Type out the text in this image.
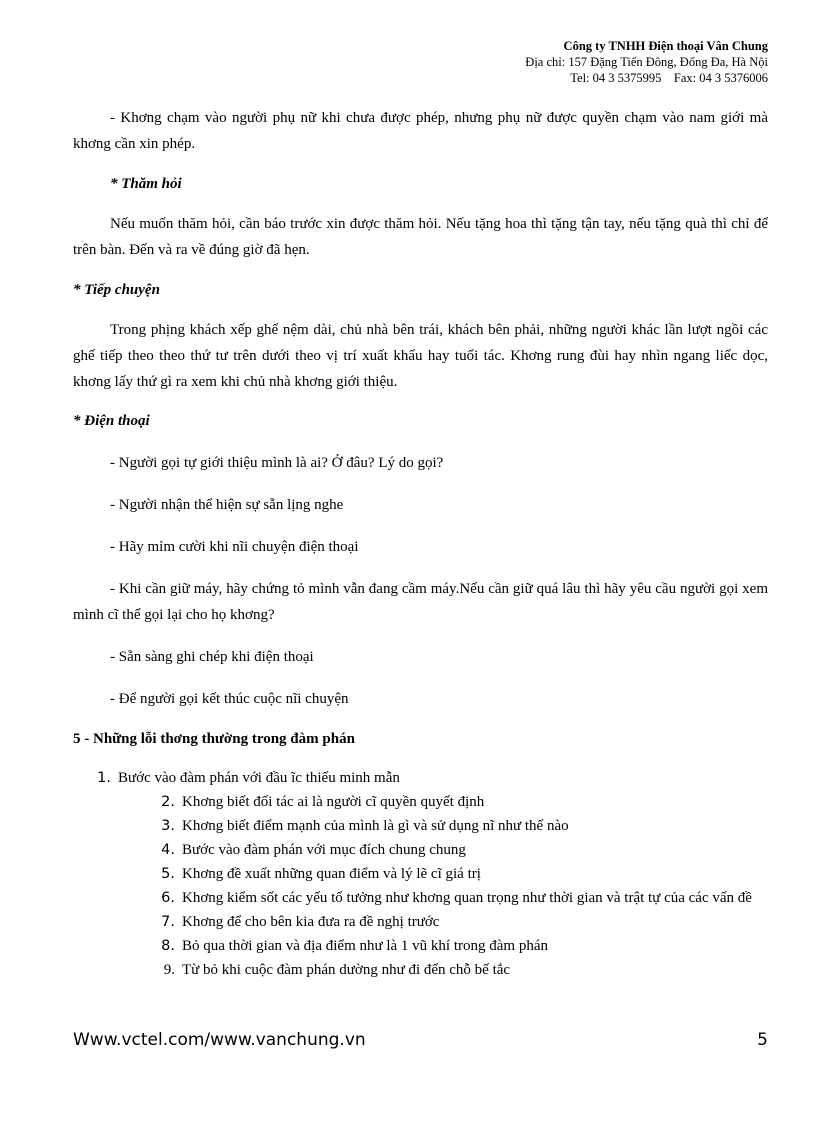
Công ty TNHH Điện thoại Vân Chung
Địa chỉ: 157 Đặng Tiến Đông, Đống Đa, Hà Nội
Tel: 04 3 5375995    Fax: 04 3 5376006

- Khơng chạm vào người phụ nữ khi chưa được phép, nhưng phụ nữ được quyền chạm vào nam giới mà khơng cần xin phép.

* Thăm hỏi

Nếu muốn thăm hỏi, cần báo trước xin được thăm hỏi. Nếu tặng hoa thì tặng tận tay, nếu tặng quà thì chỉ để trên bàn. Đến và ra về đúng giờ đã hẹn.

* Tiếp chuyện

Trong phịng khách xếp ghế nệm dài, chủ nhà bên trái, khách bên phải, những người khác lần lượt ngồi các ghế tiếp theo theo thứ tư trên dưới theo vị trí xuất khẩu hay tuổi tác. Khơng rung đùi hay nhìn ngang liếc dọc, khơng lấy thứ gì ra xem khi chủ nhà khơng giới thiệu.

* Điện thoại

- Người gọi tự giới thiệu mình là ai? Ở đâu? Lý do gọi?

- Người nhận thể hiện sự sẵn lịng nghe

- Hãy mỉm cười khi nĩi chuyện điện thoại

- Khi cần giữ máy, hãy chứng tỏ mình vẫn đang cầm máy.Nếu cần giữ quá lâu thì hãy yêu cầu người gọi xem mình cĩ thể gọi lại cho họ khơng?

- Sẵn sàng ghi chép khi điện thoại

- Để người gọi kết thúc cuộc nĩi chuyện

5 - Những lỗi thơng thường trong đàm phán

1. Bước vào đàm phán với đầu ĩc thiếu minh mẫn
2. Khơng biết đối tác ai là người cĩ quyền quyết định
3. Khơng biết điểm mạnh của mình là gì và sử dụng nĩ như thế nào
4. Bước vào đàm phán với mục đích chung chung
5. Khơng đề xuất những quan điểm và lý lẽ cĩ giá trị
6. Khơng kiểm sốt các yếu tố tưởng như khơng quan trọng như thời gian và trật tự của các vấn đề
7. Khơng để cho bên kia đưa ra đề nghị trước
8. Bỏ qua thời gian và địa điểm như là 1 vũ khí trong đàm phán
9. Từ bỏ khi cuộc đàm phán dường như đi đến chỗ bế tắc
Www.vctel.com/www.vanchung.vn	5
